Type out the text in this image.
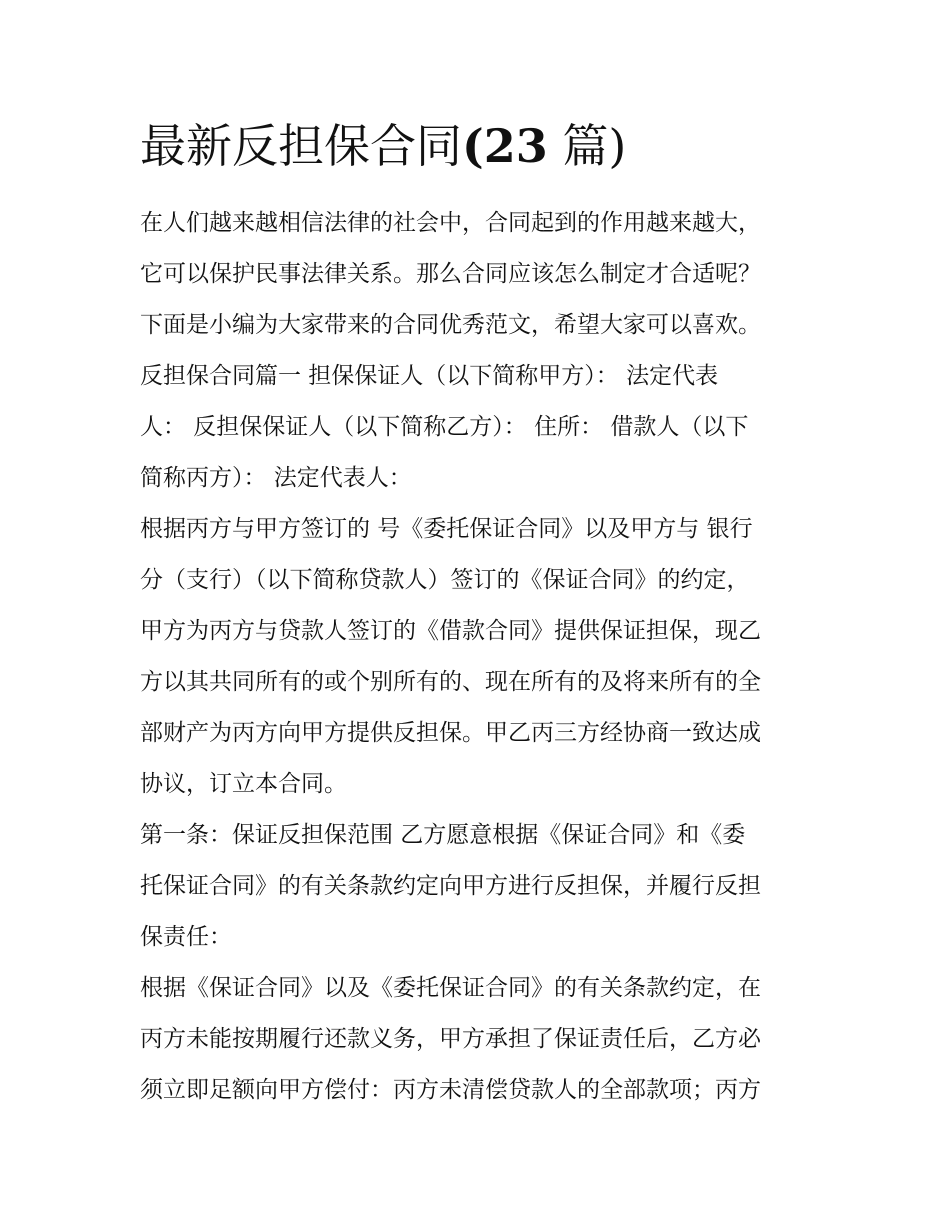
最新反担保合同(23 篇)
在人们越来越相信法律的社会中，合同起到的作用越来越大，
它可以保护民事法律关系。那么合同应该怎么制定才合适呢？
下面是小编为大家带来的合同优秀范文，希望大家可以喜欢。
反担保合同篇一 担保保证人（以下简称甲方）： 法定代表
人： 反担保保证人（以下简称乙方）： 住所： 借款人（以下
简称丙方）： 法定代表人：
根据丙方与甲方签订的 号《委托保证合同》以及甲方与 银行
分（支行）（以下简称贷款人）签订的《保证合同》的约定，
甲方为丙方与贷款人签订的《借款合同》提供保证担保，现乙
方以其共同所有的或个别所有的、现在所有的及将来所有的全
部财产为丙方向甲方提供反担保。甲乙丙三方经协商一致达成
协议，订立本合同。
第一条：保证反担保范围 乙方愿意根据《保证合同》和《委
托保证合同》的有关条款约定向甲方进行反担保，并履行反担
保责任：
根据《保证合同》以及《委托保证合同》的有关条款约定，在
丙方未能按期履行还款义务，甲方承担了保证责任后，乙方必
须立即足额向甲方偿付：丙方未清偿贷款人的全部款项；丙方
